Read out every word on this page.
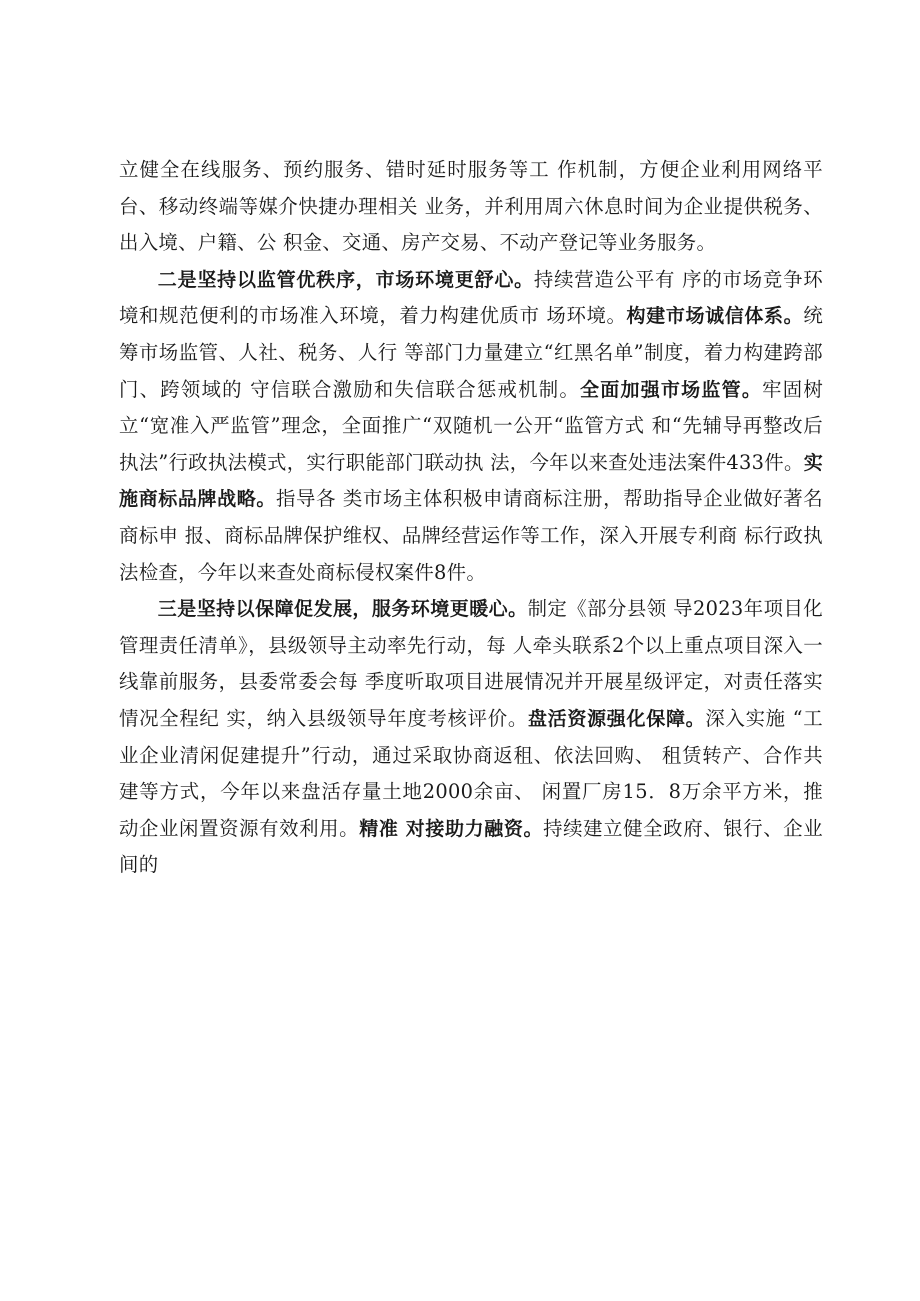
立健全在线服务、预约服务、错时延时服务等工 作机制，方便企业利用网络平台、移动终端等媒介快捷办理相关 业务，并利用周六休息时间为企业提供税务、出入境、户籍、公 积金、交通、房产交易、不动产登记等业务服务。

二是坚持以监管优秩序，市场环境更舒心。持续营造公平有 序的市场竞争环境和规范便利的市场准入环境，着力构建优质市 场环境。构建市场诚信体系。统筹市场监管、人社、税务、人行 等部门力量建立“红黑名单”制度，着力构建跨部门、跨领域的 守信联合激励和失信联合惩戒机制。全面加强市场监管。牢固树 立“宽准入严监管”理念，全面推广“双随机一公开“监管方式 和“先辅导再整改后执法”行政执法模式，实行职能部门联动执 法，今年以来查处违法案件433件。实施商标品牌战略。指导各 类市场主体积极申请商标注册，帮助指导企业做好著名商标申 报、商标品牌保护维权、品牌经营运作等工作，深入开展专利商 标行政执法检查，今年以来查处商标侵权案件8件。

三是坚持以保障促发展，服务环境更暖心。制定《部分县领 导2023年项目化管理责任清单》，县级领导主动率先行动，每 人牵头联系2个以上重点项目深入一线靠前服务，县委常委会每 季度听取项目进展情况并开展星级评定，对责任落实情况全程纪 实，纳入县级领导年度考核评价。盘活资源强化保障。深入实施 “工业企业清闲促建提升”行动，通过采取协商返租、依法回购、 租赁转产、合作共建等方式，今年以来盘活存量土地2000余亩、 闲置厂房15．8万余平方米，推动企业闲置资源有效利用。精准 对接助力融资。持续建立健全政府、银行、企业间的
